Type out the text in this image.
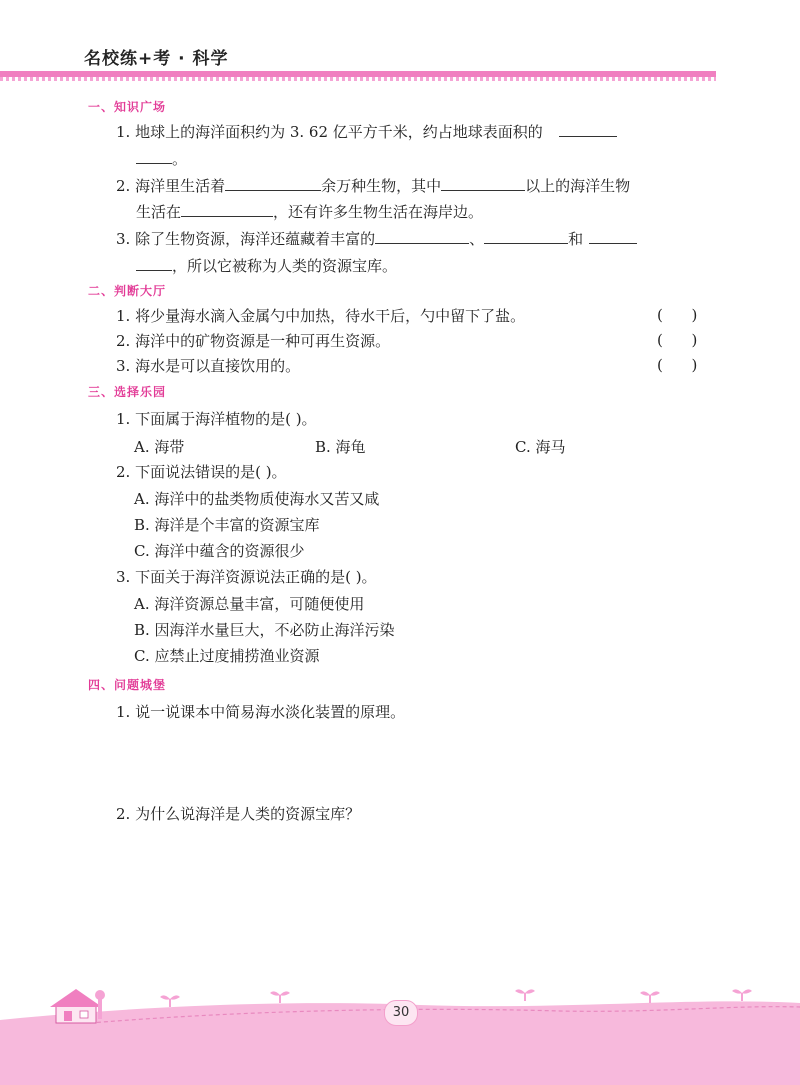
名校练+考 · 科学
一、知识广场
1. 地球上的海洋面积约为 3. 62 亿平方千米，约占地球表面积的
。
2. 海洋里生活着	余万种生物，其中	以上的海洋生物
生活在	，还有许多生物生活在海岸边。
3. 除了生物资源，海洋还蕴藏着丰富的	、	和
，所以它被称为人类的资源宝库。
二、判断大厅
1. 将少量海水滴入金属勺中加热，待水干后，勺中留下了盐。	(      )
2. 海洋中的矿物资源是一种可再生资源。	(      )
3. 海水是可以直接饮用的。	(      )
三、选择乐园
1. 下面属于海洋植物的是( )。
A. 海带	B. 海龟	C. 海马
2. 下面说法错误的是( )。
A. 海洋中的盐类物质使海水又苦又咸
B. 海洋是个丰富的资源宝库
C. 海洋中蕴含的资源很少
3. 下面关于海洋资源说法正确的是( )。
A. 海洋资源总量丰富，可随便使用
B. 因海洋水量巨大，不必防止海洋污染
C. 应禁止过度捕捞渔业资源
四、问题城堡
1. 说一说课本中简易海水淡化装置的原理。
2. 为什么说海洋是人类的资源宝库？
30
